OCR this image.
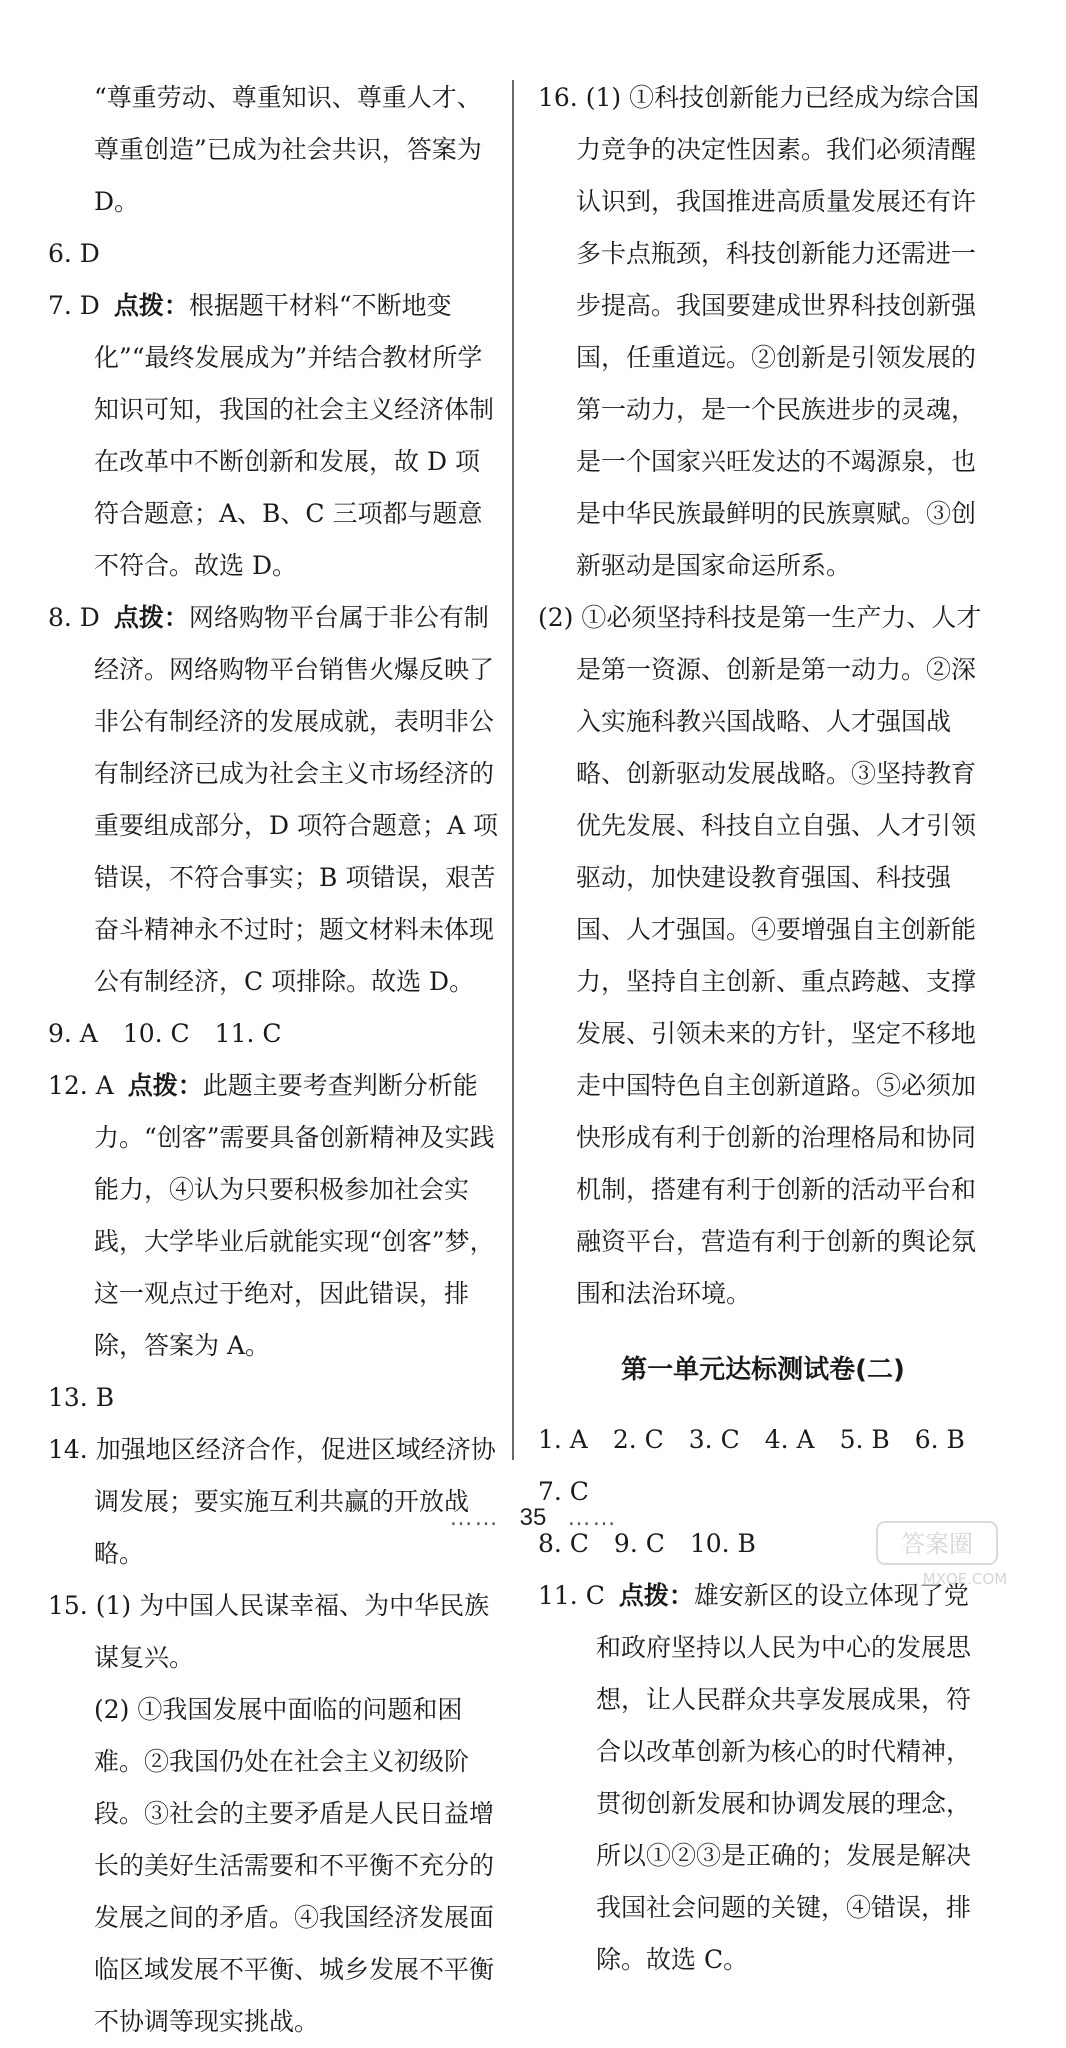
“尊重劳动、尊重知识、尊重人才、尊重创造”已成为社会共识，答案为 D。

6. D

7. D 点拨：根据题干材料“不断地变化”“最终发展成为”并结合教材所学知识可知，我国的社会主义经济体制在改革中不断创新和发展，故 D 项符合题意；A、B、C 三项都与题意不符合。故选 D。

8. D 点拨：网络购物平台属于非公有制经济。网络购物平台销售火爆反映了非公有制经济的发展成就，表明非公有制经济已成为社会主义市场经济的重要组成部分，D 项符合题意；A 项错误，不符合事实；B 项错误，艰苦奋斗精神永不过时；题文材料未体现公有制经济，C 项排除。故选 D。

9. A　10. C　11. C

12. A 点拨：此题主要考查判断分析能力。“创客”需要具备创新精神及实践能力，④认为只要积极参加社会实践，大学毕业后就能实现“创客”梦，这一观点过于绝对，因此错误，排除，答案为 A。

13. B

14. 加强地区经济合作，促进区域经济协调发展；要实施互利共赢的开放战略。

15. (1) 为中国人民谋幸福、为中华民族谋复兴。

(2) ①我国发展中面临的问题和困难。②我国仍处在社会主义初级阶段。③社会的主要矛盾是人民日益增长的美好生活需要和不平衡不充分的发展之间的矛盾。④我国经济发展面临区域发展不平衡、城乡发展不平衡不协调等现实挑战。

16. (1) ①科技创新能力已经成为综合国力竞争的决定性因素。我们必须清醒认识到，我国推进高质量发展还有许多卡点瓶颈，科技创新能力还需进一步提高。我国要建成世界科技创新强国，任重道远。②创新是引领发展的第一动力，是一个民族进步的灵魂，是一个国家兴旺发达的不竭源泉，也是中华民族最鲜明的民族禀赋。③创新驱动是国家命运所系。

(2) ①必须坚持科技是第一生产力、人才是第一资源、创新是第一动力。②深入实施科教兴国战略、人才强国战略、创新驱动发展战略。③坚持教育优先发展、科技自立自强、人才引领驱动，加快建设教育强国、科技强国、人才强国。④要增强自主创新能力，坚持自主创新、重点跨越、支撑发展、引领未来的方针，坚定不移地走中国特色自主创新道路。⑤必须加快形成有利于创新的治理格局和协同机制，搭建有利于创新的活动平台和融资平台，营造有利于创新的舆论氛围和法治环境。

第一单元达标测试卷(二)

1. A　2. C　3. C　4. A　5. B　6. B　7. C

8. C　9. C　10. B

11. C 点拨：雄安新区的设立体现了党和政府坚持以人民为中心的发展思想，让人民群众共享发展成果，符合以改革创新为核心的时代精神，贯彻创新发展和协调发展的理念，所以①②③是正确的；发展是解决我国社会问题的关键，④错误，排除。故选 C。

…… 35 ……
答案圈
MXQE.COM
